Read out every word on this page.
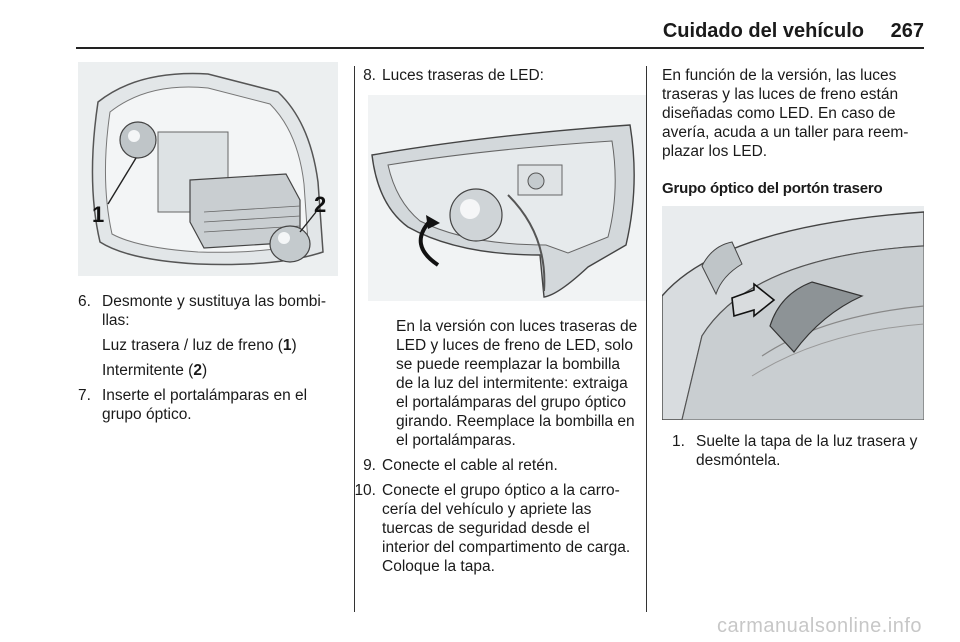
Cuidado del vehículo 267
1	2
6. Desmonte y sustituya las bombi-llas:
Luz trasera / luz de freno (1)
Intermitente (2)
7. Inserte el portalámparas en el grupo óptico.
8. Luces traseras de LED:

En la versión con luces traseras de LED y luces de freno de LED, solo se puede reemplazar la bombilla de la luz del intermitente: extraiga el portalámparas del grupo óptico girando. Reemplace la bombilla en el portalámparas.

9. Conecte el cable al retén.
10. Conecte el grupo óptico a la carro-cería del vehículo y apriete las tuercas de seguridad desde el interior del compartimento de carga. Coloque la tapa.

En función de la versión, las luces traseras y las luces de freno están diseñadas como LED. En caso de avería, acuda a un taller para reem-plazar los LED.

Grupo óptico del portón trasero

1. Suelte la tapa de la luz trasera y desmóntela.
carmanualsonline.info
